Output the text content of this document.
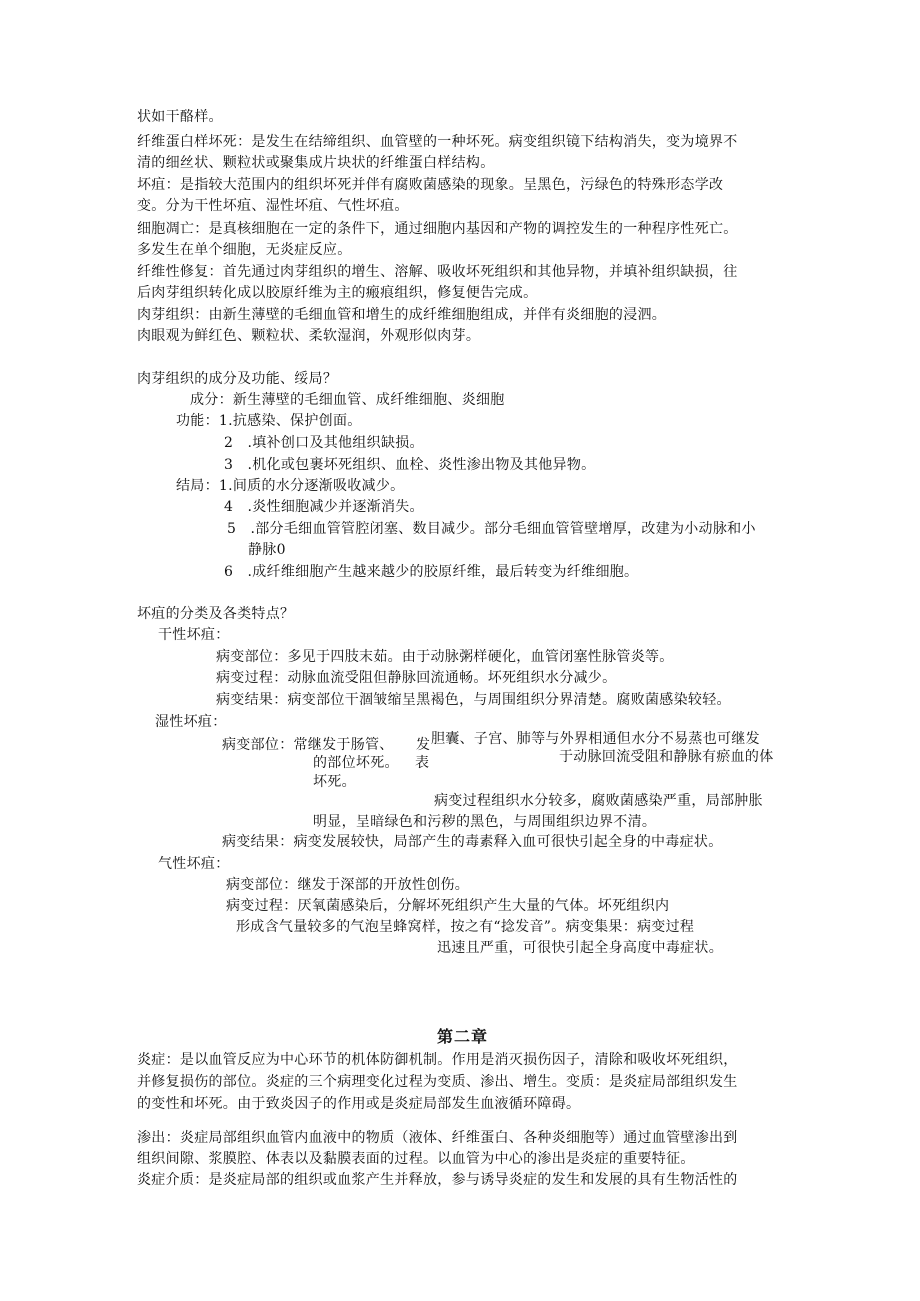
状如干酪样。
纤维蛋白样坏死：是发生在结缔组织、血管壁的一种坏死。病变组织镜下结构消失，变为境界不
清的细丝状、颗粒状或聚集成片块状的纤维蛋白样结构。
坏疽：是指较大范围内的组织坏死并伴有腐败菌感染的现象。呈黑色，污绿色的特殊形态学改
变。分为干性坏疽、湿性坏疽、气性坏疽。
细胞凋亡：是真核细胞在一定的条件下，通过细胞内基因和产物的调控发生的一种程序性死亡。
多发生在单个细胞，无炎症反应。
纤维性修复：首先通过肉芽组织的增生、溶解、吸收坏死组织和其他异物，并填补组织缺损，往
后肉芽组织转化成以胶原纤维为主的瘢痕组织，修复便告完成。
肉芽组织：由新生薄壁的毛细血管和增生的成纤维细胞组成，并伴有炎细胞的浸泗。
肉眼观为鲜红色、颗粒状、柔软湿润，外观形似肉芽。
肉芽组织的成分及功能、绥局？
成分：新生薄壁的毛细血管、成纤维细胞、炎细胞
功能：1.抗感染、保护创面。
2　.填补创口及其他组织缺损。
3　.机化或包裹坏死组织、血栓、炎性渗出物及其他异物。
结局：1.间质的水分逐渐吸收减少。
4　.炎性细胞减少并逐渐消失。
5　.部分毛细血管管腔闭塞、数目减少。部分毛细血管管壁增厚，改建为小动脉和小
静脉0
6　.成纤维细胞产生越来越少的胶原纤维，最后转变为纤维细胞。
坏疽的分类及各类特点？
干性坏疽：
病变部位：多见于四肢末茹。由于动脉粥样硬化，血管闭塞性脉管炎等。
病变过程：动脉血流受阻但静脉回流通畅。坏死组织水分减少。
病变结果：病变部位干涸皱缩呈黑褐色，与周围组织分界清楚。腐败菌感染较轻。
湿性坏疽：
病变部位：常继发于肠管、 发 胆囊、子宫、肺等与外界相通但水分不易蒸也可继发
的部位坏死。 表	于动脉回流受阻和静脉有瘀血的体
坏死。
病变过程组织水分较多，腐败菌感染严重，局部肿胀
明显，呈暗绿色和污秽的黑色，与周围组织边界不清。
病变结果：病变发展较快，局部产生的毒素释入血可很快引起全身的中毒症状。
气性坏疽：
病变部位：继发于深部的开放性创伤。
病变过程：厌氧菌感染后，分解坏死组织产生大量的气体。坏死组织内
形成含气量较多的气泡呈蜂窝样，按之有“捻发音”。病变集果：病变过程
迅速且严重，可很快引起全身高度中毒症状。
第二章
炎症：是以血管反应为中心环节的机体防御机制。作用是消灭损伤因子，清除和吸收坏死组织，
并修复损伤的部位。炎症的三个病理变化过程为变质、渗出、增生。变质：是炎症局部组织发生
的变性和坏死。由于致炎因子的作用或是炎症局部发生血液循环障碍。
渗出：炎症局部组织血管内血液中的物质（液体、纤维蛋白、各种炎细胞等）通过血管壁渗出到
组织间隙、浆膜腔、体表以及黏膜表面的过程。以血管为中心的渗出是炎症的重要特征。
炎症介质：是炎症局部的组织或血浆产生并释放，参与诱导炎症的发生和发展的具有生物活性的
